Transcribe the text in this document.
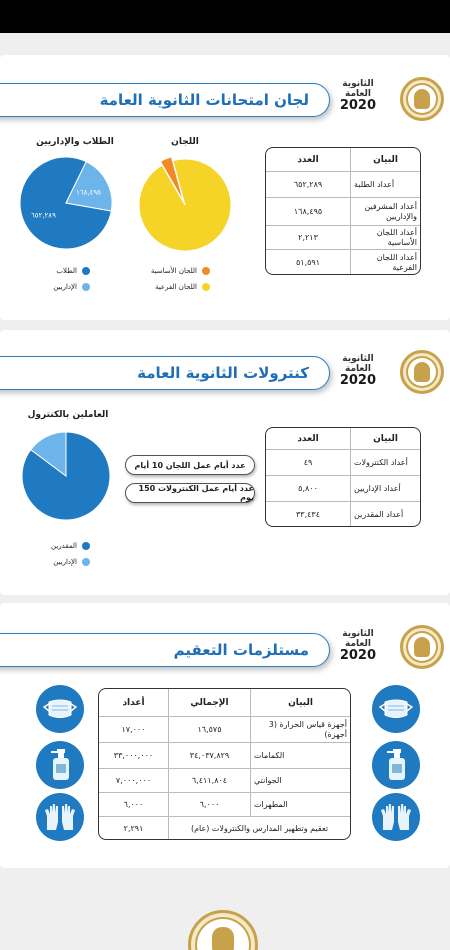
لجان امتحانات الثانوية العامة
الثانوية
العامة
2020
البيان
العدد
أعداد الطلبة
٦٥٢,٢٨٩
أعداد المشرفين والإداريين
١٦٨,٤٩٥
أعداد اللجان الأساسية
٢,٢١٣
أعداد اللجان الفرعية
٥١,٥٩١
اللجان
اللجان الأساسية
اللجان الفرعية
الطلاب والإداريين
٦٥٢,٢٨٩
١٦٨,٤٩٥
الطلاب
الإداريين
كنترولات الثانوية العامة
الثانوية
العامة
2020
البيان
العدد
أعداد الكنترولات
٤٩
أعداد الإداريين
٥,٨٠٠
أعداد المقدرين
٣٣,٤٣٤
عدد أيام عمل اللجان 10 أيام
عدد أيام عمل الكنترولات 150 يوم
العاملين بالكنترول
المقدرين
الإداريين
مستلزمات التعقيم
الثانوية
العامة
2020
البيان
الإجمالي
أعداد
أجهزة قياس الحرارة (3 أجهزة)
١٦,٥٧٥
١٧,٠٠٠
الكمامات
٣٤,٠٣٧,٨٢٩
٣٣,٠٠٠,٠٠٠
الجوانتي
٦,٤١١,٨٠٤
٧,٠٠٠,٠٠٠
المطهرات
٦,٠٠٠
٦,٠٠٠
تعقيم وتطهير المدارس والكنترولات (عام)
٢,٢٩١
